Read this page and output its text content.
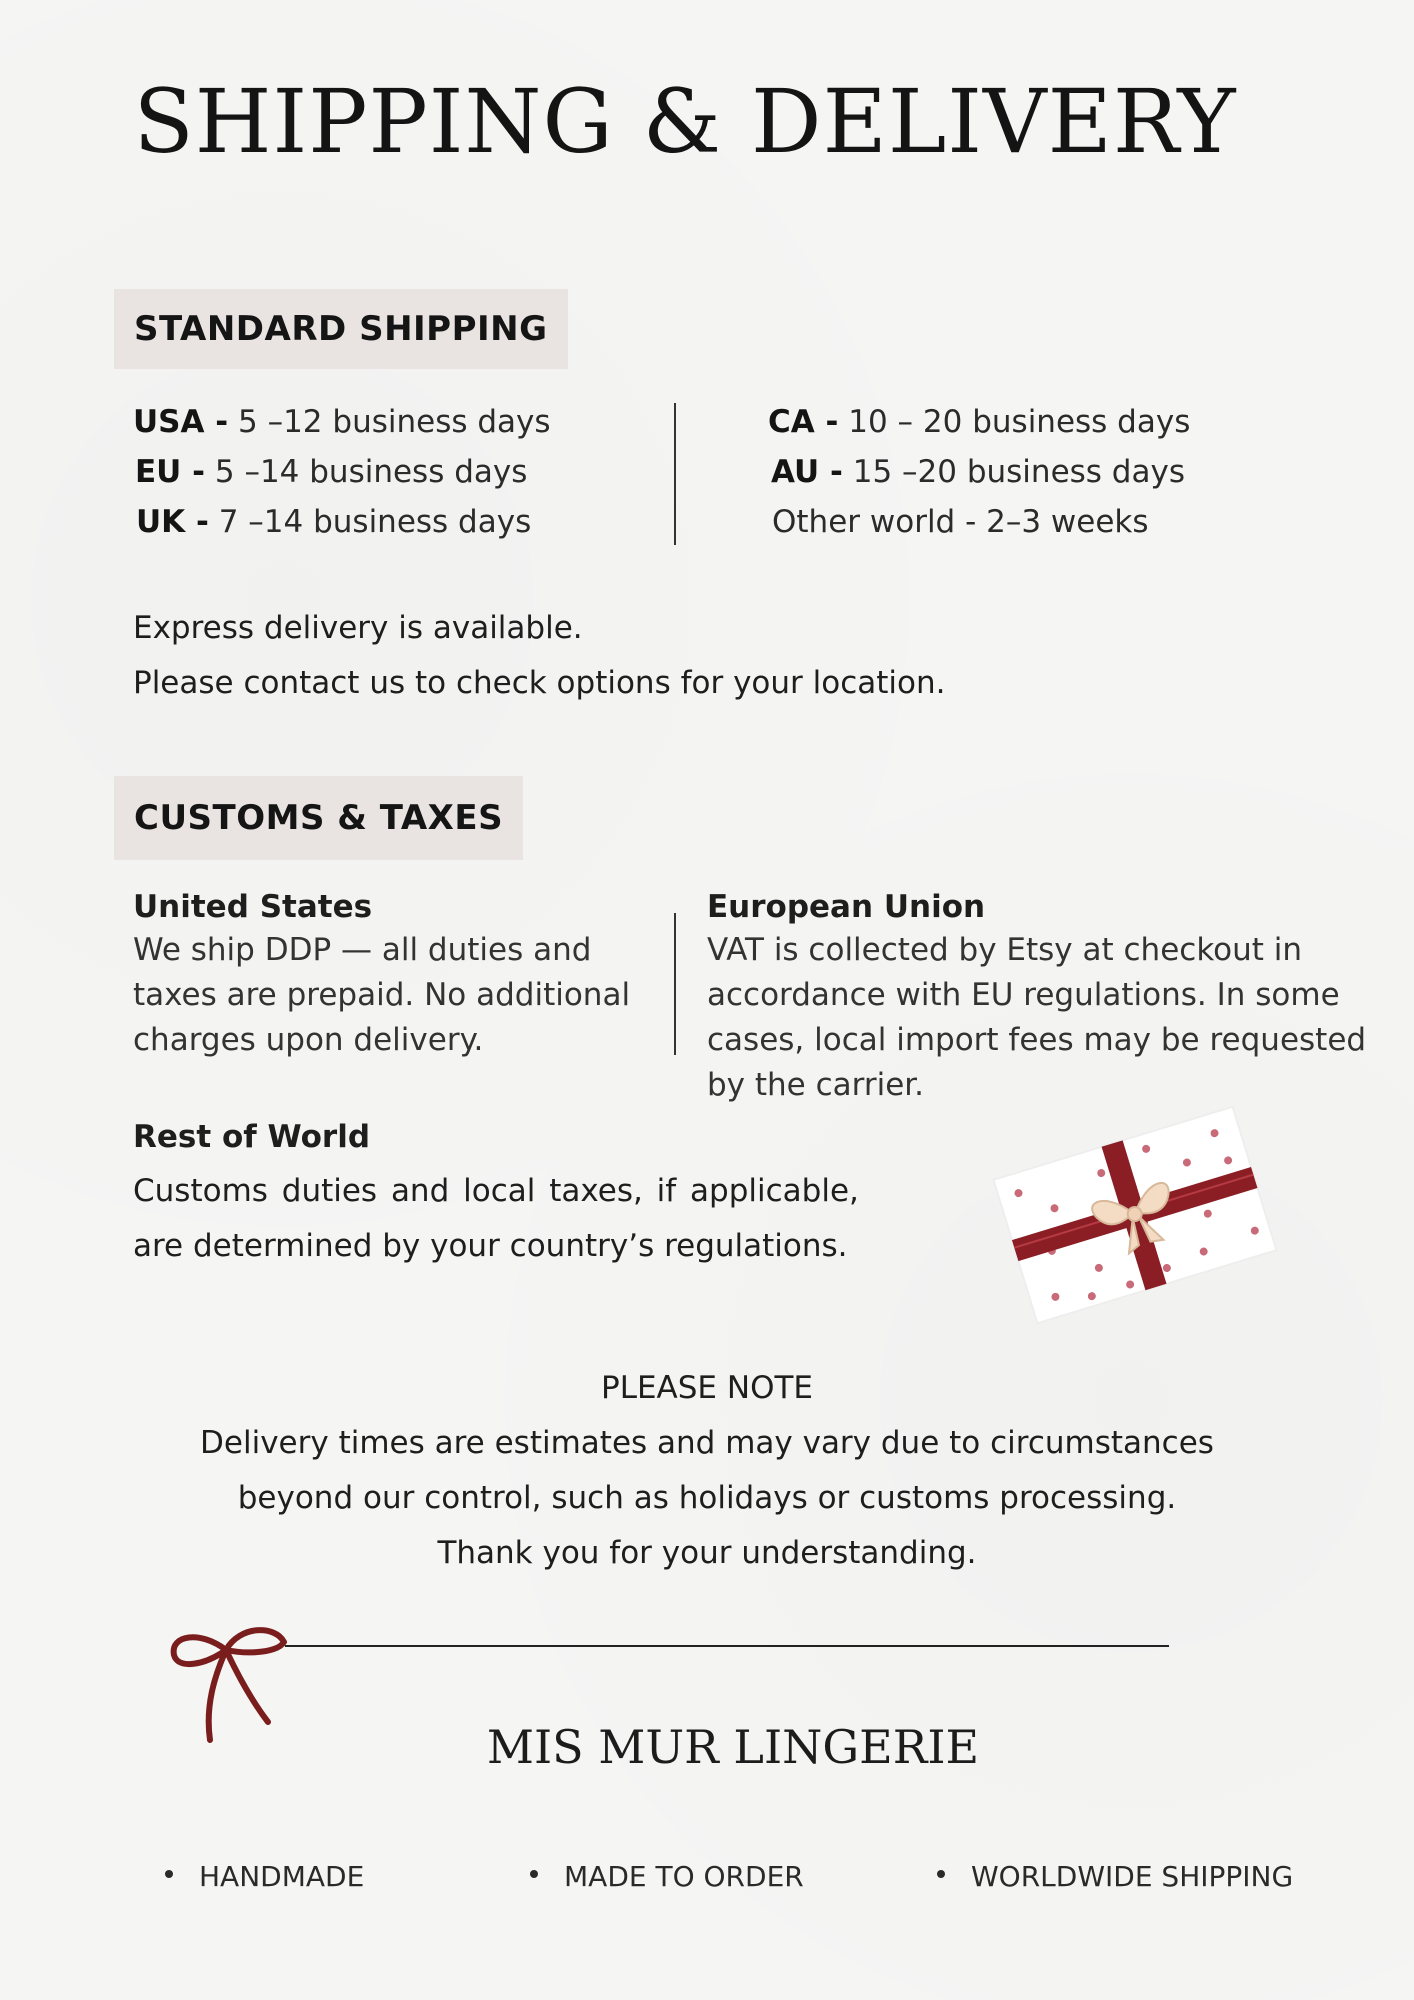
SHIPPING & DELIVERY
STANDARD SHIPPING
USA - 5 –12 business days
EU - 5 –14 business days
UK - 7 –14 business days
CA - 10 – 20 business days
AU - 15 –20 business days
Other world - 2–3 weeks
Express delivery is available.
Please contact us to check options for your location.
CUSTOMS & TAXES
United States
We ship DDP — all duties and taxes are prepaid. No additional charges upon delivery.
European Union
VAT is collected by Etsy at checkout in accordance with EU regulations. In some cases, local import fees may be requested by the carrier.
Rest of World
Customs duties and local taxes, if applicable,
are determined by your country’s regulations.
PLEASE NOTE
Delivery times are estimates and may vary due to circumstances
beyond our control, such as holidays or customs processing.
Thank you for your understanding.
MIS MUR LINGERIE
HANDMADE	MADE TO ORDER	WORLDWIDE SHIPPING
